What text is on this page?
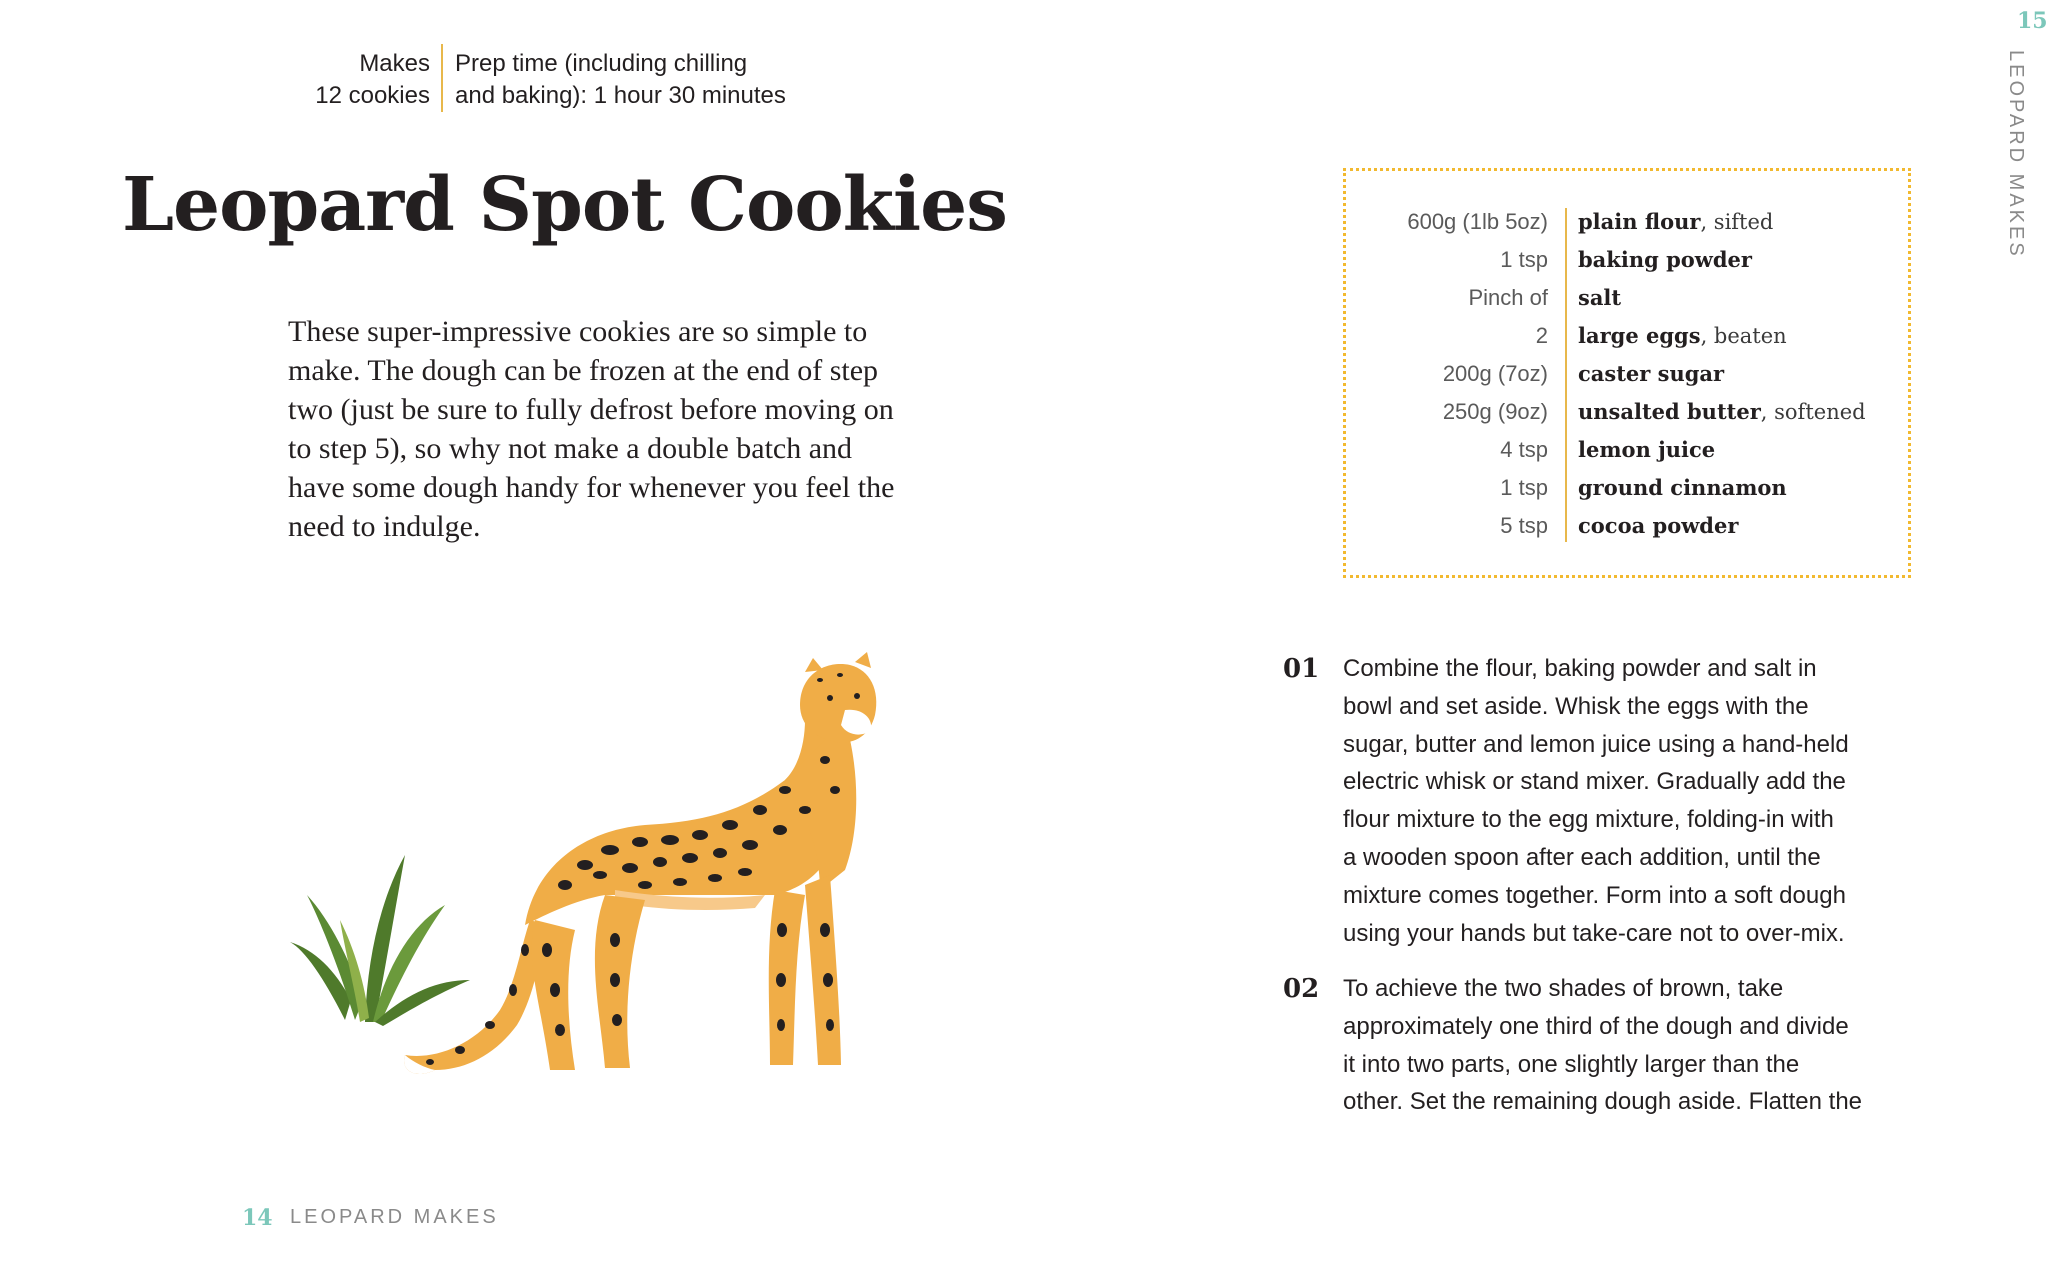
Makes
12 cookies
Prep time (including chilling
and baking): 1 hour 30 minutes
Leopard Spot Cookies
These super-impressive cookies are so simple to make. The dough can be frozen at the end of step two (just be sure to fully defrost before moving on to step 5), so why not make a double batch and have some dough handy for whenever you feel the need to indulge.
600g (1lb 5oz) plain flour, sifted
1 tsp baking powder
Pinch of salt
2 large eggs, beaten
200g (7oz) caster sugar
250g (9oz) unsalted butter, softened
4 tsp lemon juice
1 tsp ground cinnamon
5 tsp cocoa powder
01 Combine the flour, baking powder and salt in
bowl and set aside. Whisk the eggs with the
sugar, butter and lemon juice using a hand-held
electric whisk or stand mixer. Gradually add the
flour mixture to the egg mixture, folding-in with
a wooden spoon after each addition, until the
mixture comes together. Form into a soft dough
using your hands but take-care not to over-mix.
02 To achieve the two shades of brown, take
approximately one third of the dough and divide
it into two parts, one slightly larger than the
other. Set the remaining dough aside. Flatten the
14 LEOPARD MAKES
15
LEOPARD MAKES
